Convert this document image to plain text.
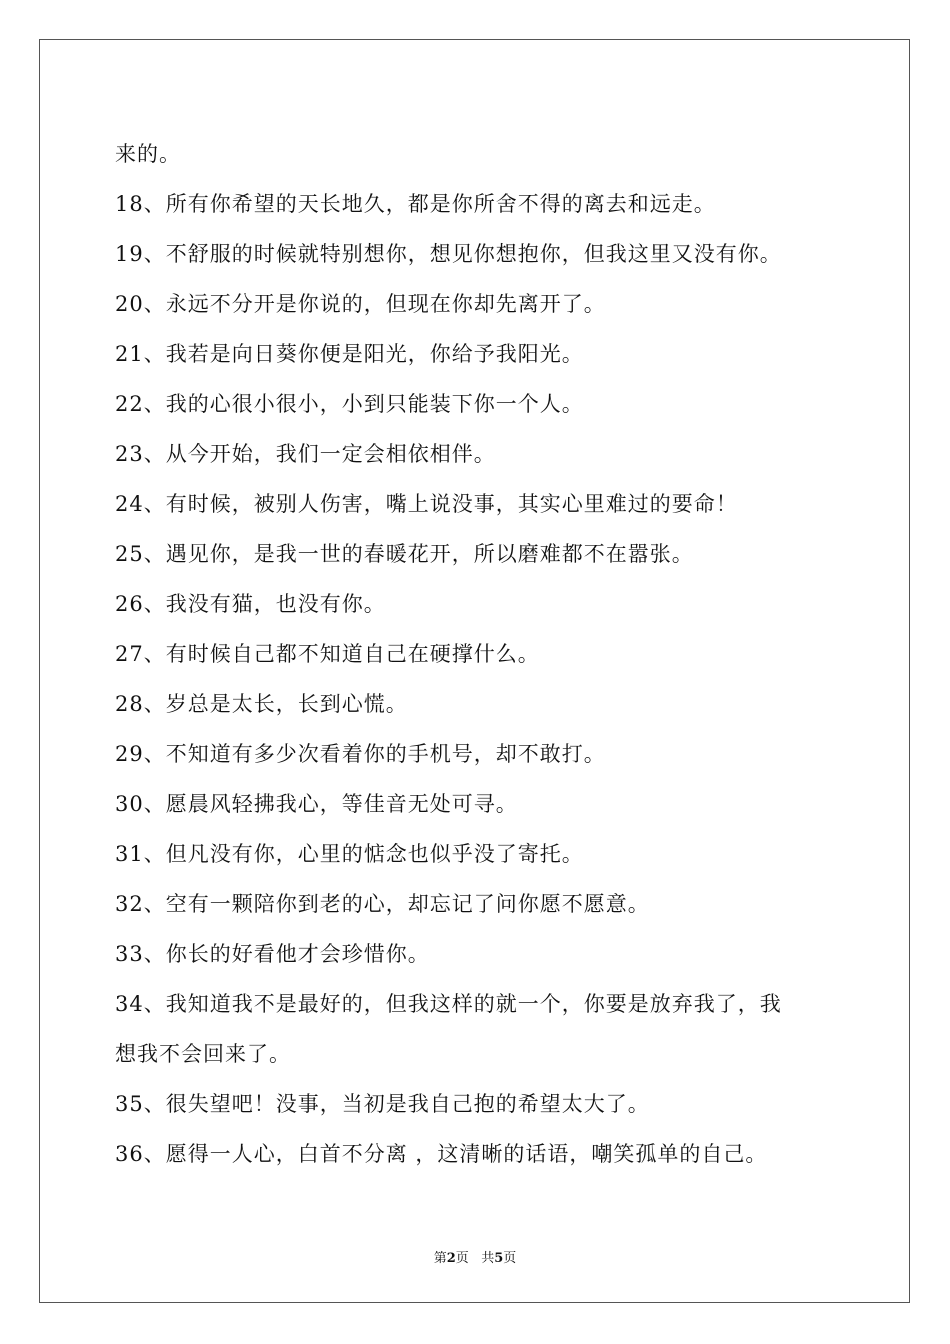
来的。
18、所有你希望的天长地久，都是你所舍不得的离去和远走。
19、不舒服的时候就特别想你，想见你想抱你，但我这里又没有你。
20、永远不分开是你说的，但现在你却先离开了。
21、我若是向日葵你便是阳光，你给予我阳光。
22、我的心很小很小，小到只能装下你一个人。
23、从今开始，我们一定会相依相伴。
24、有时候，被别人伤害，嘴上说没事，其实心里难过的要命！
25、遇见你，是我一世的春暖花开，所以磨难都不在嚣张。
26、我没有猫，也没有你。
27、有时候自己都不知道自己在硬撑什么。
28、岁总是太长，长到心慌。
29、不知道有多少次看着你的手机号，却不敢打。
30、愿晨风轻拂我心，等佳音无处可寻。
31、但凡没有你，心里的惦念也似乎没了寄托。
32、空有一颗陪你到老的心，却忘记了问你愿不愿意。
33、你长的好看他才会珍惜你。
34、我知道我不是最好的，但我这样的就一个，你要是放弃我了，我
想我不会回来了。
35、很失望吧！没事，当初是我自己抱的希望太大了。
36、愿得一人心，白首不分离 ，这清晰的话语，嘲笑孤单的自己。
第2页 共5页
